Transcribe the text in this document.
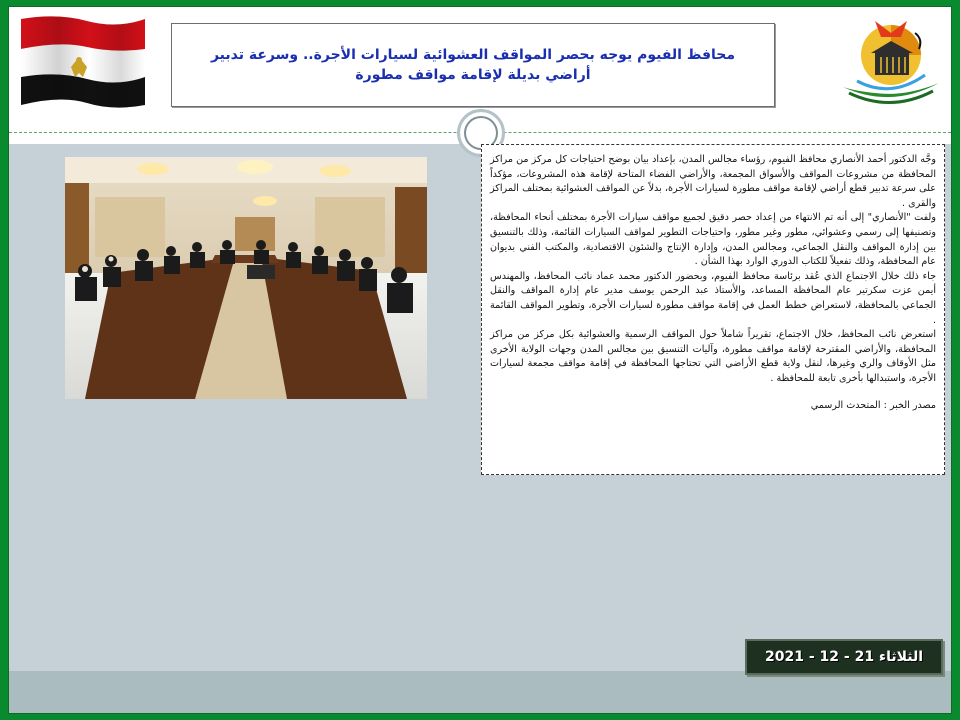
محافظ الفيوم يوجه بحصر المواقف العشوائية لسيارات الأجرة.. وسرعة تدبير أراضي بديلة لإقامة مواقف مطورة

وجَّه الدكتور أحمد الأنصاري محافظ الفيوم، رؤساء مجالس المدن، بإعداد بيان بوضح احتياجات كل مركز من مراكز المحافظة من مشروعات المواقف والأسواق المجمعة، والأراضي الفضاء المتاحة لإقامة هذه المشروعات، مؤكداً على سرعة تدبير قطع أراضي لإقامة مواقف مطورة لسيارات الأجرة، بدلاً عن المواقف العشوائية بمختلف المراكز والقرى .

ولفت "الأنصاري" إلى أنه تم الانتهاء من إعداد حصر دقيق لجميع مواقف سيارات الأجرة بمختلف أنحاء المحافظة، وتصنيفها إلى رسمي وعشوائي، مطور وغير مطور، واحتياجات التطوير لمواقف السيارات القائمة، وذلك بالتنسيق بين إدارة المواقف والنقل الجماعي، ومجالس المدن، وإدارة الإنتاج والشئون الاقتصادية، والمكتب الفني بديوان عام المحافظة، وذلك تفعيلاً للكتاب الدوري الوارد بهذا الشأن .

جاء ذلك خلال الاجتماع الذي عُقد برئاسة محافظ الفيوم، وبحضور الدكتور محمد عماد نائب المحافظ، والمهندس أيمن عزت سكرتير عام المحافظة المساعد، والأستاذ عبد الرحمن يوسف مدير عام إدارة المواقف والنقل الجماعي بالمحافظة، لاستعراض خطط العمل في إقامة مواقف مطورة لسيارات الأجرة، وتطوير المواقف القائمة .

استعرض نائب المحافظ، خلال الاجتماع، تقريراً شاملاً حول المواقف الرسمية والعشوائية بكل مركز من مراكز المحافظة، والأراضي المقترحة لإقامة مواقف مطورة، وآليات التنسيق بين مجالس المدن وجهات الولاية الأخرى مثل الأوقاف والري وغيرها، لنقل ولاية قطع الأراضي التي تحتاجها المحافظة في إقامة مواقف مجمعة لسيارات الأجرة، واستبدالها بأخرى تابعة للمحافظة .

مصدر الخبر : المتحدث الرسمي

الثلاثاء 21 - 12 - 2021
